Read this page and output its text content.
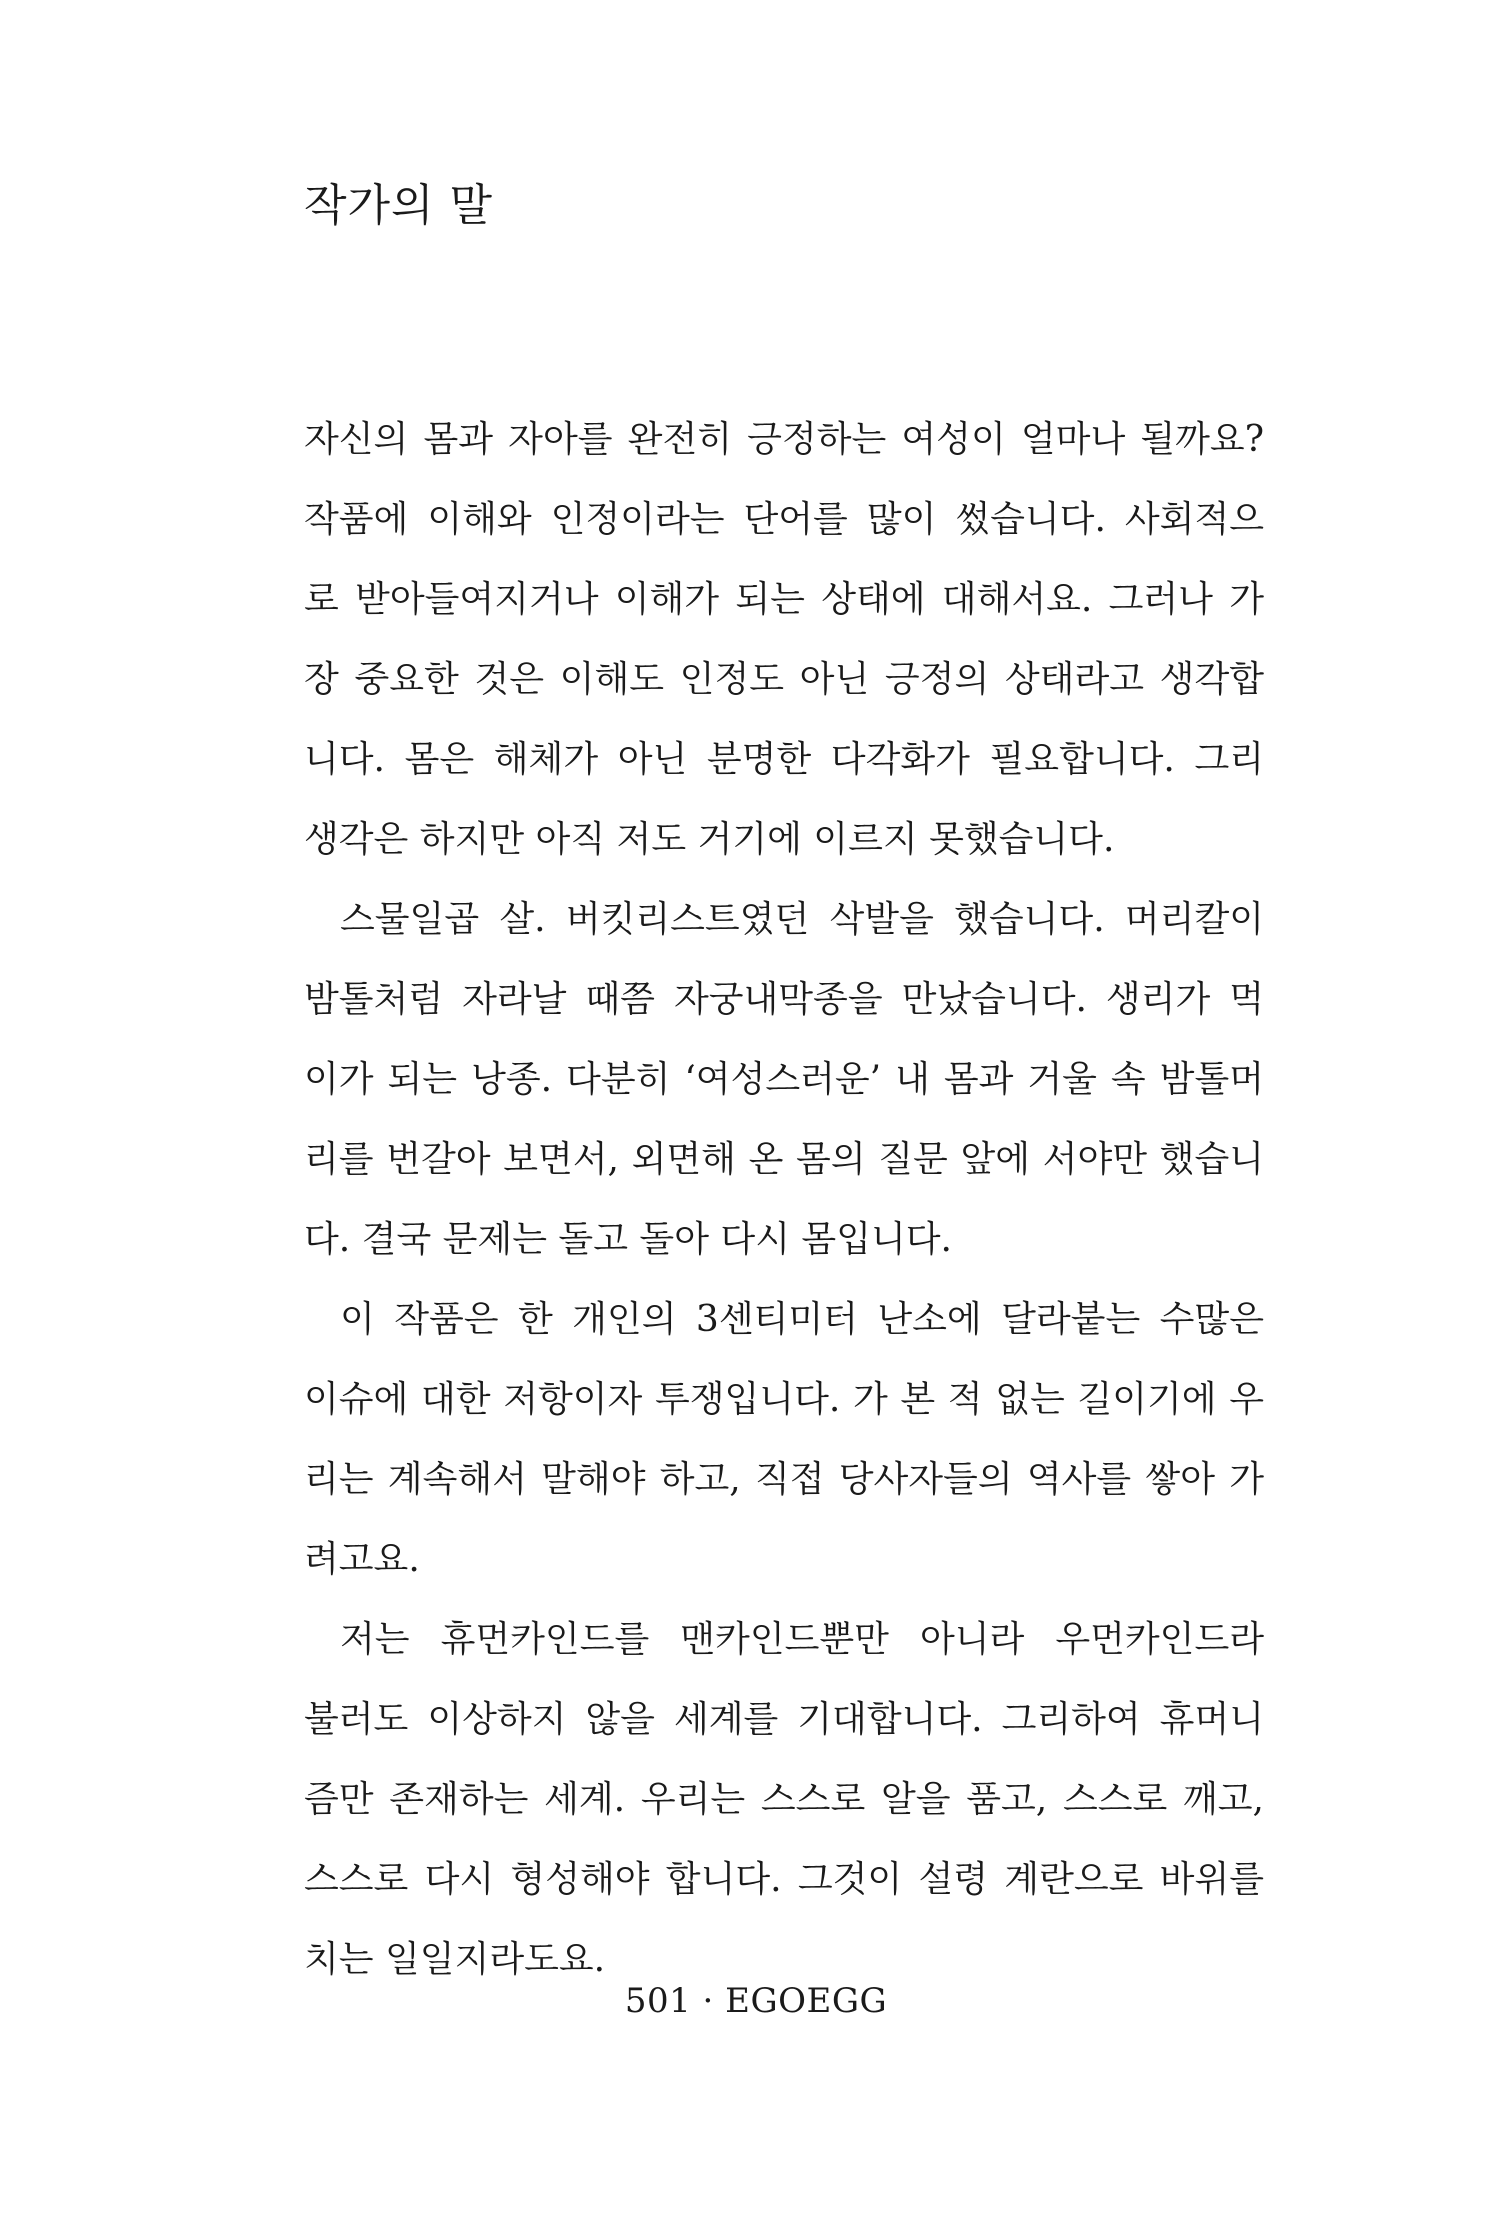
작가의 말
자신의 몸과 자아를 완전히 긍정하는 여성이 얼마나 될까요?
작품에 이해와 인정이라는 단어를 많이 썼습니다. 사회적으
로 받아들여지거나 이해가 되는 상태에 대해서요. 그러나 가
장 중요한 것은 이해도 인정도 아닌 긍정의 상태라고 생각합
니다. 몸은 해체가 아닌 분명한 다각화가 필요합니다. 그리
생각은 하지만 아직 저도 거기에 이르지 못했습니다.
스물일곱 살. 버킷리스트였던 삭발을 했습니다. 머리칼이
밤톨처럼 자라날 때쯤 자궁내막종을 만났습니다. 생리가 먹
이가 되는 낭종. 다분히 ‘여성스러운’ 내 몸과 거울 속 밤톨머
리를 번갈아 보면서, 외면해 온 몸의 질문 앞에 서야만 했습니
다. 결국 문제는 돌고 돌아 다시 몸입니다.
이 작품은 한 개인의 3센티미터 난소에 달라붙는 수많은
이슈에 대한 저항이자 투쟁입니다. 가 본 적 없는 길이기에 우
리는 계속해서 말해야 하고, 직접 당사자들의 역사를 쌓아 가
려고요.
저는 휴먼카인드를 맨카인드뿐만 아니라 우먼카인드라
불러도 이상하지 않을 세계를 기대합니다. 그리하여 휴머니
즘만 존재하는 세계. 우리는 스스로 알을 품고, 스스로 깨고,
스스로 다시 형성해야 합니다. 그것이 설령 계란으로 바위를
치는 일일지라도요.
501 · EGOEGG
